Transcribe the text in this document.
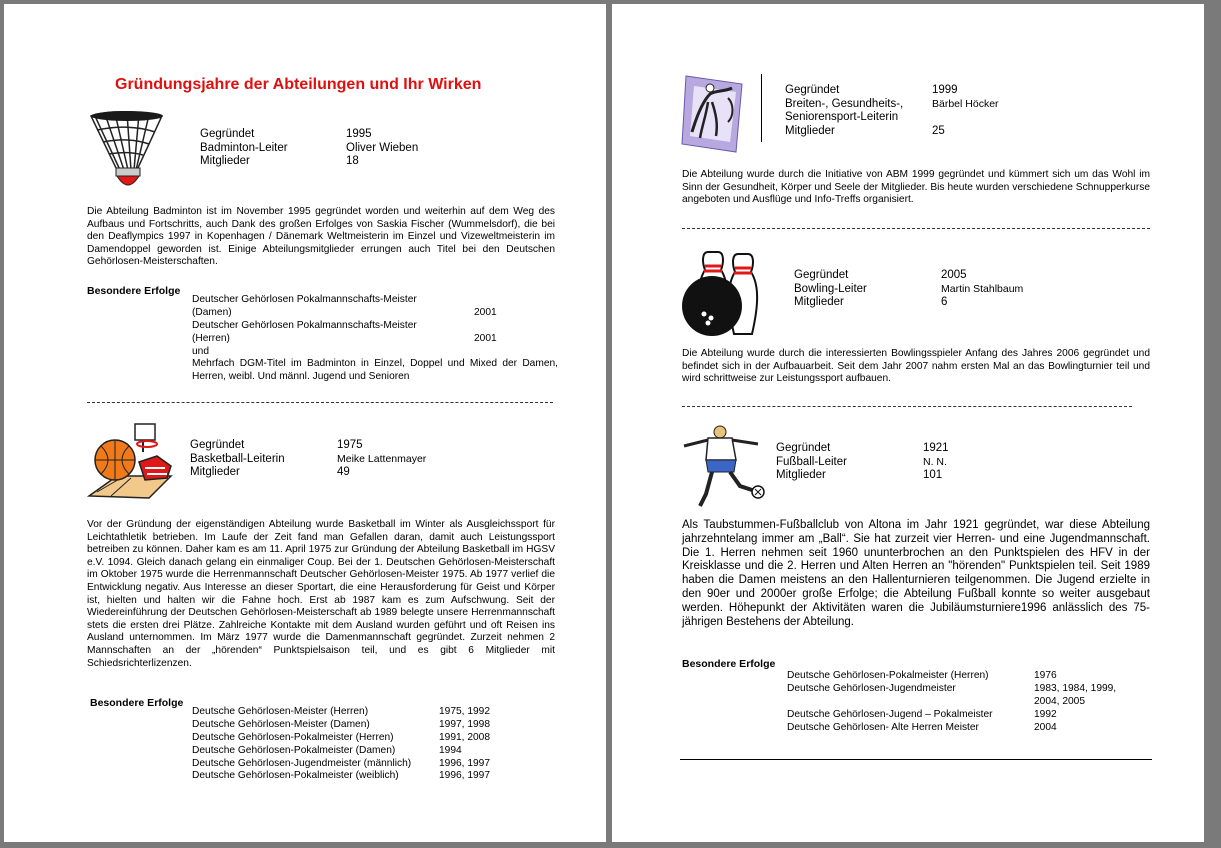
Gründungsjahre der Abteilungen und Ihr Wirken
Gegründet	1995
Badminton-Leiter	Oliver Wieben
Mitglieder	18
Die Abteilung Badminton ist im November 1995 gegründet worden und weiterhin auf dem Weg des Aufbaus und Fortschritts, auch Dank des großen Erfolges von Saskia Fischer (Wummelsdorf), die bei den Deaflympics 1997 in Kopenhagen / Dänemark Weltmeisterin im Einzel und Vizeweltmeisterin im Damendoppel geworden ist. Einige Abteilungsmitglieder errungen auch Titel bei den Deutschen Gehörlosen-Meisterschaften.
Besondere Erfolge
Deutscher Gehörlosen Pokalmannschafts-Meister
(Damen)	2001
Deutscher Gehörlosen Pokalmannschafts-Meister
(Herren)	2001
und
Mehrfach DGM-Titel im Badminton in Einzel, Doppel und Mixed der Damen, Herren, weibl. Und männl. Jugend und Senioren
Gegründet	1975
Basketball-Leiterin	Meike Lattenmayer
Mitglieder	49
Vor der Gründung der eigenständigen Abteilung wurde Basketball im Winter als Ausgleichssport für Leichtathletik betrieben. Im Laufe der Zeit fand man Gefallen daran, damit auch Leistungssport betreiben zu können. Daher kam es am 11. April 1975 zur Gründung der Abteilung Basketball im HGSV e.V. 1094. Gleich danach gelang ein einmaliger Coup. Bei der 1. Deutschen Gehörlosen-Meisterschaft im Oktober 1975 wurde die Herrenmannschaft Deutscher Gehörlosen-Meister 1975. Ab 1977 verlief die Entwicklung negativ. Aus Interesse an dieser Sportart, die eine Herausforderung für Geist und Körper ist, hielten und halten wir die Fahne hoch. Erst ab 1987 kam es zum Aufschwung. Seit der Wiedereinführung der Deutschen Gehörlosen-Meisterschaft ab 1989 belegte unsere Herrenmannschaft stets die ersten drei Plätze. Zahlreiche Kontakte mit dem Ausland wurden geführt und oft Reisen ins Ausland unternommen. Im März 1977 wurde die Damenmannschaft gegründet. Zurzeit nehmen 2 Mannschaften an der „hörenden“ Punktspielsaison teil, und es gibt 6 Mitglieder mit Schiedsrichterlizenzen.
Besondere Erfolge
Deutsche Gehörlosen-Meister (Herren)	1975, 1992
Deutsche Gehörlosen-Meister (Damen)	1997, 1998
Deutsche Gehörlosen-Pokalmeister (Herren)	1991, 2008
Deutsche Gehörlosen-Pokalmeister (Damen)	1994
Deutsche Gehörlosen-Jugendmeister (männlich)	1996, 1997
Deutsche Gehörlosen-Pokalmeister (weiblich)	1996, 1997
Gegründet	1999
Breiten-, Gesundheits-,	Bärbel Höcker
Seniorensport-Leiterin
Mitglieder	25
Die Abteilung wurde durch die Initiative von ABM 1999 gegründet und kümmert sich um das Wohl im Sinn der Gesundheit, Körper und Seele der Mitglieder. Bis heute wurden verschiedene Schnupperkurse angeboten und Ausflüge und Info-Treffs organisiert.
Gegründet	2005
Bowling-Leiter	Martin Stahlbaum
Mitglieder	6
Die Abteilung wurde durch die interessierten Bowlingsspieler Anfang des Jahres 2006 gegründet und befindet sich in der Aufbauarbeit. Seit dem Jahr 2007 nahm ersten Mal an das Bowlingturnier teil und wird schrittweise zur Leistungssport aufbauen.
Gegründet	1921
Fußball-Leiter	N. N.
Mitglieder	101
Als Taubstummen-Fußballclub von Altona im Jahr 1921 gegründet, war diese Abteilung jahrzehntelang immer am „Ball“. Sie hat zurzeit vier Herren- und eine Jugendmannschaft. Die 1. Herren nehmen seit 1960 ununterbrochen an den Punktspielen des HFV in der Kreisklasse und die 2. Herren und Alten Herren an "hörenden" Punktspielen teil. Seit 1989 haben die Damen meistens an den Hallenturnieren teilgenommen. Die Jugend erzielte in den 90er und 2000er große Erfolge; die Abteilung Fußball konnte so weiter ausgebaut werden. Höhepunkt der Aktivitäten waren die Jubiläumsturniere1996 anlässlich des 75-jährigen Bestehens der Abteilung.
Besondere Erfolge
Deutsche Gehörlosen-Pokalmeister (Herren)	1976
Deutsche Gehörlosen-Jugendmeister	1983, 1984, 1999,
2004, 2005
Deutsche Gehörlosen-Jugend – Pokalmeister	1992
Deutsche Gehörlosen- Alte Herren Meister	2004
